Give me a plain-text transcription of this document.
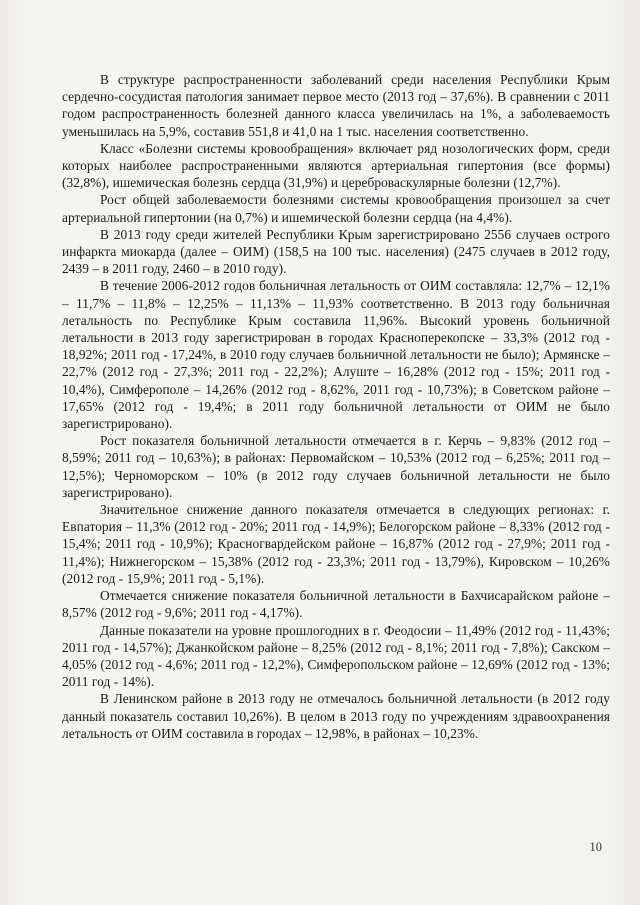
В структуре распространенности заболеваний среди населения Республики Крым сердечно-сосудистая патология занимает первое место (2013 год – 37,6%). В сравнении с 2011 годом распространенность болезней данного класса увеличилась на 1%, а заболеваемость уменьшилась на 5,9%, составив 551,8 и 41,0 на 1 тыс. населения соответственно.

Класс «Болезни системы кровообращения» включает ряд нозологических форм, среди которых наиболее распространенными являются артериальная гипертония (все формы) (32,8%), ишемическая болезнь сердца (31,9%) и цереброваскулярные болезни (12,7%).

Рост общей заболеваемости болезнями системы кровообращения произошел за счет артериальной гипертонии (на 0,7%) и ишемической болезни сердца (на 4,4%).

В 2013 году среди жителей Республики Крым зарегистрировано 2556 случаев острого инфаркта миокарда (далее – ОИМ) (158,5 на 100 тыс. населения) (2475 случаев в 2012 году, 2439 – в 2011 году, 2460 – в 2010 году).

В течение 2006-2012 годов больничная летальность от ОИМ составляла: 12,7% – 12,1% – 11,7% – 11,8% – 12,25% – 11,13% – 11,93% соответственно. В 2013 году больничная летальность по Республике Крым составила 11,96%. Высокий уровень больничной летальности в 2013 году зарегистрирован в городах Красноперекопске – 33,3% (2012 год - 18,92%; 2011 год - 17,24%, в 2010 году случаев больничной летальности не было); Армянске – 22,7% (2012 год - 27,3%; 2011 год - 22,2%); Алуште – 16,28% (2012 год - 15%; 2011 год - 10,4%), Симферополе – 14,26% (2012 год - 8,62%, 2011 год - 10,73%); в Советском районе – 17,65% (2012 год - 19,4%; в 2011 году больничной летальности от ОИМ не было зарегистрировано).

Рост показателя больничной летальности отмечается в г. Керчь – 9,83% (2012 год – 8,59%; 2011 год – 10,63%); в районах: Первомайском – 10,53% (2012 год – 6,25%; 2011 год – 12,5%); Черноморском – 10% (в 2012 году случаев больничной летальности не было зарегистрировано).

Значительное снижение данного показателя отмечается в следующих регионах: г. Евпатория – 11,3% (2012 год - 20%; 2011 год - 14,9%); Белогорском районе – 8,33% (2012 год - 15,4%; 2011 год - 10,9%); Красногвардейском районе – 16,87% (2012 год - 27,9%; 2011 год - 11,4%); Нижнегорском – 15,38% (2012 год - 23,3%; 2011 год - 13,79%), Кировском – 10,26% (2012 год - 15,9%; 2011 год - 5,1%).

Отмечается снижение показателя больничной летальности в Бахчисарайском районе – 8,57% (2012 год - 9,6%; 2011 год - 4,17%).

Данные показатели на уровне прошлогодних в г. Феодосии – 11,49% (2012 год - 11,43%; 2011 год - 14,57%); Джанкойском районе – 8,25% (2012 год - 8,1%; 2011 год - 7,8%); Сакском – 4,05% (2012 год - 4,6%; 2011 год - 12,2%), Симферопольском районе – 12,69% (2012 год - 13%; 2011 год - 14%).

В Ленинском районе в 2013 году не отмечалось больничной летальности (в 2012 году данный показатель составил 10,26%). В целом в 2013 году по учреждениям здравоохранения летальность от ОИМ составила в городах – 12,98%, в районах – 10,23%.

10
